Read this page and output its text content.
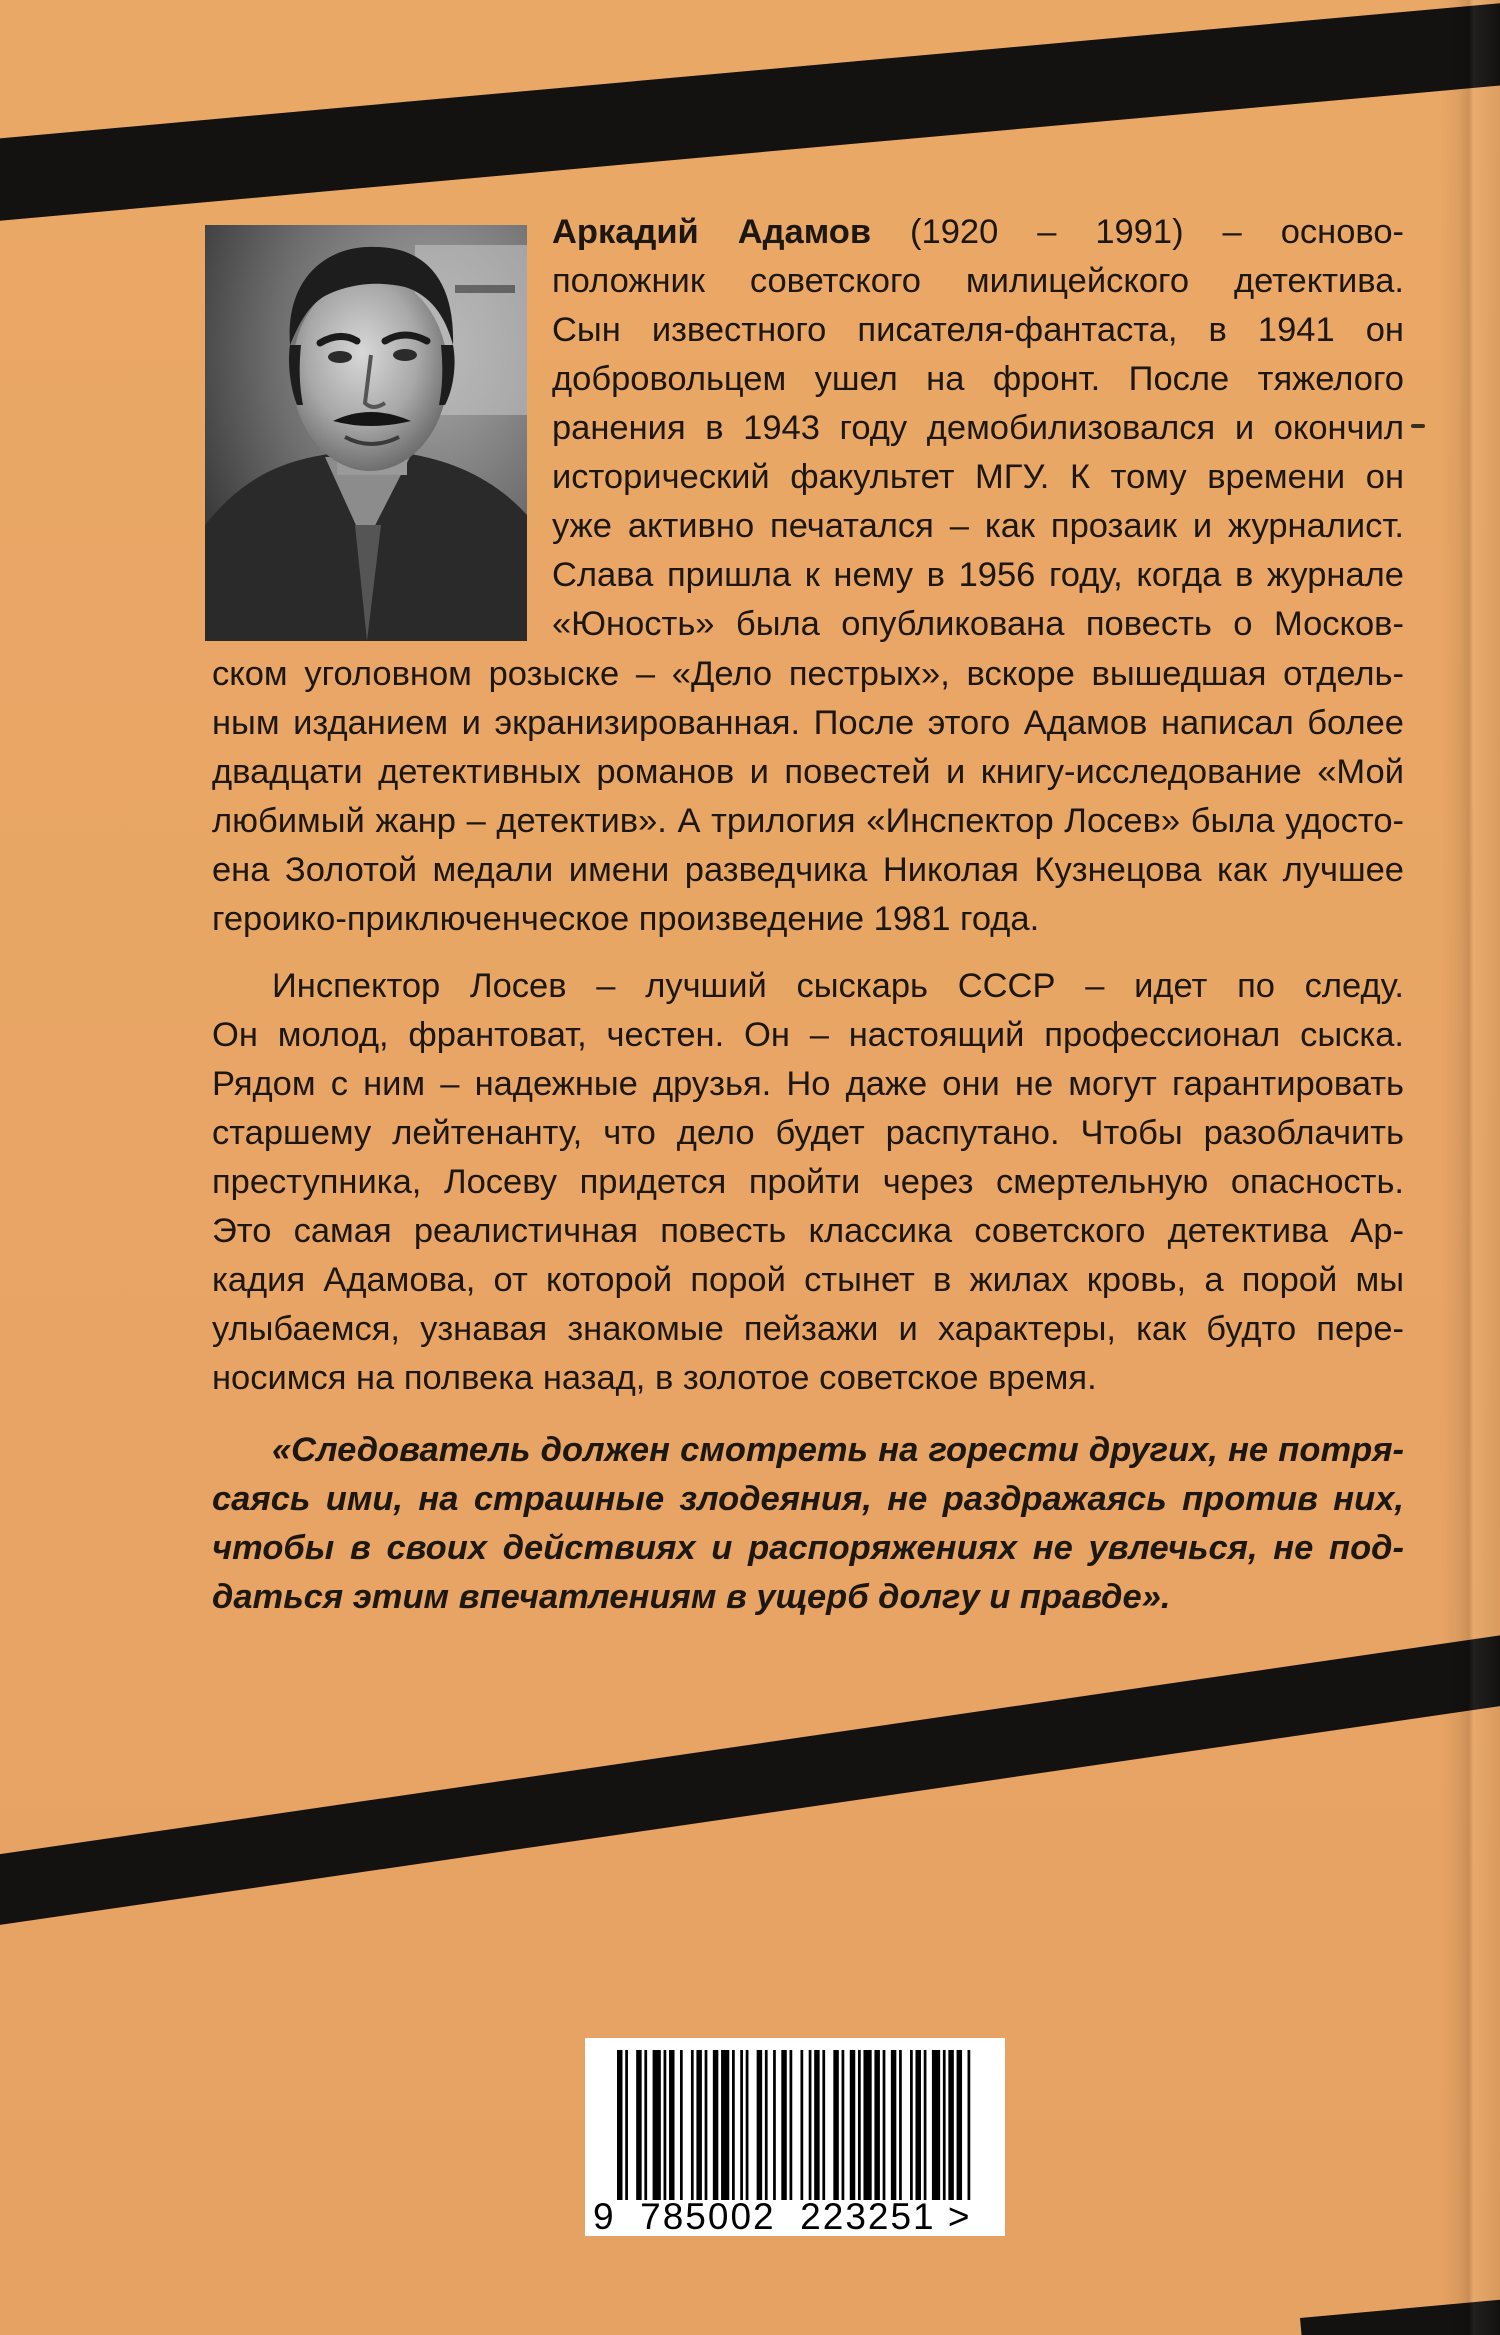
Аркадий Адамов (1920 – 1991) – осново-
положник советского милицейского детектива.
Сын известного писателя-фантаста, в 1941 он
добровольцем ушел на фронт. После тяжелого
ранения в 1943 году демобилизовался и окончил
исторический факультет МГУ. К тому времени он
уже активно печатался – как прозаик и журналист.
Слава пришла к нему в 1956 году, когда в журнале
«Юность» была опубликована повесть о Москов-
ском уголовном розыске – «Дело пестрых», вскоре вышедшая отдель-
ным изданием и экранизированная. После этого Адамов написал более
двадцати детективных романов и повестей и книгу-исследование «Мой
любимый жанр – детектив». А трилогия «Инспектор Лосев» была удосто-
ена Золотой медали имени разведчика Николая Кузнецова как лучшее
героико-приключенческое произведение 1981 года.
Инспектор Лосев – лучший сыскарь СССР – идет по следу.
Он молод, франтоват, честен. Он – настоящий профессионал сыска.
Рядом с ним – надежные друзья. Но даже они не могут гарантировать
старшему лейтенанту, что дело будет распутано. Чтобы разоблачить
преступника, Лосеву придется пройти через смертельную опасность.
Это самая реалистичная повесть классика советского детектива Ар-
кадия Адамова, от которой порой стынет в жилах кровь, а порой мы
улыбаемся, узнавая знакомые пейзажи и характеры, как будто пере-
носимся на полвека назад, в золотое советское время.
«Следователь должен смотреть на горести других, не потря-
саясь ими, на страшные злодеяния, не раздражаясь против них,
чтобы в своих действиях и распоряжениях не увлечься, не под-
даться этим впечатлениям в ущерб долгу и правде».
9 785002 223251 >
